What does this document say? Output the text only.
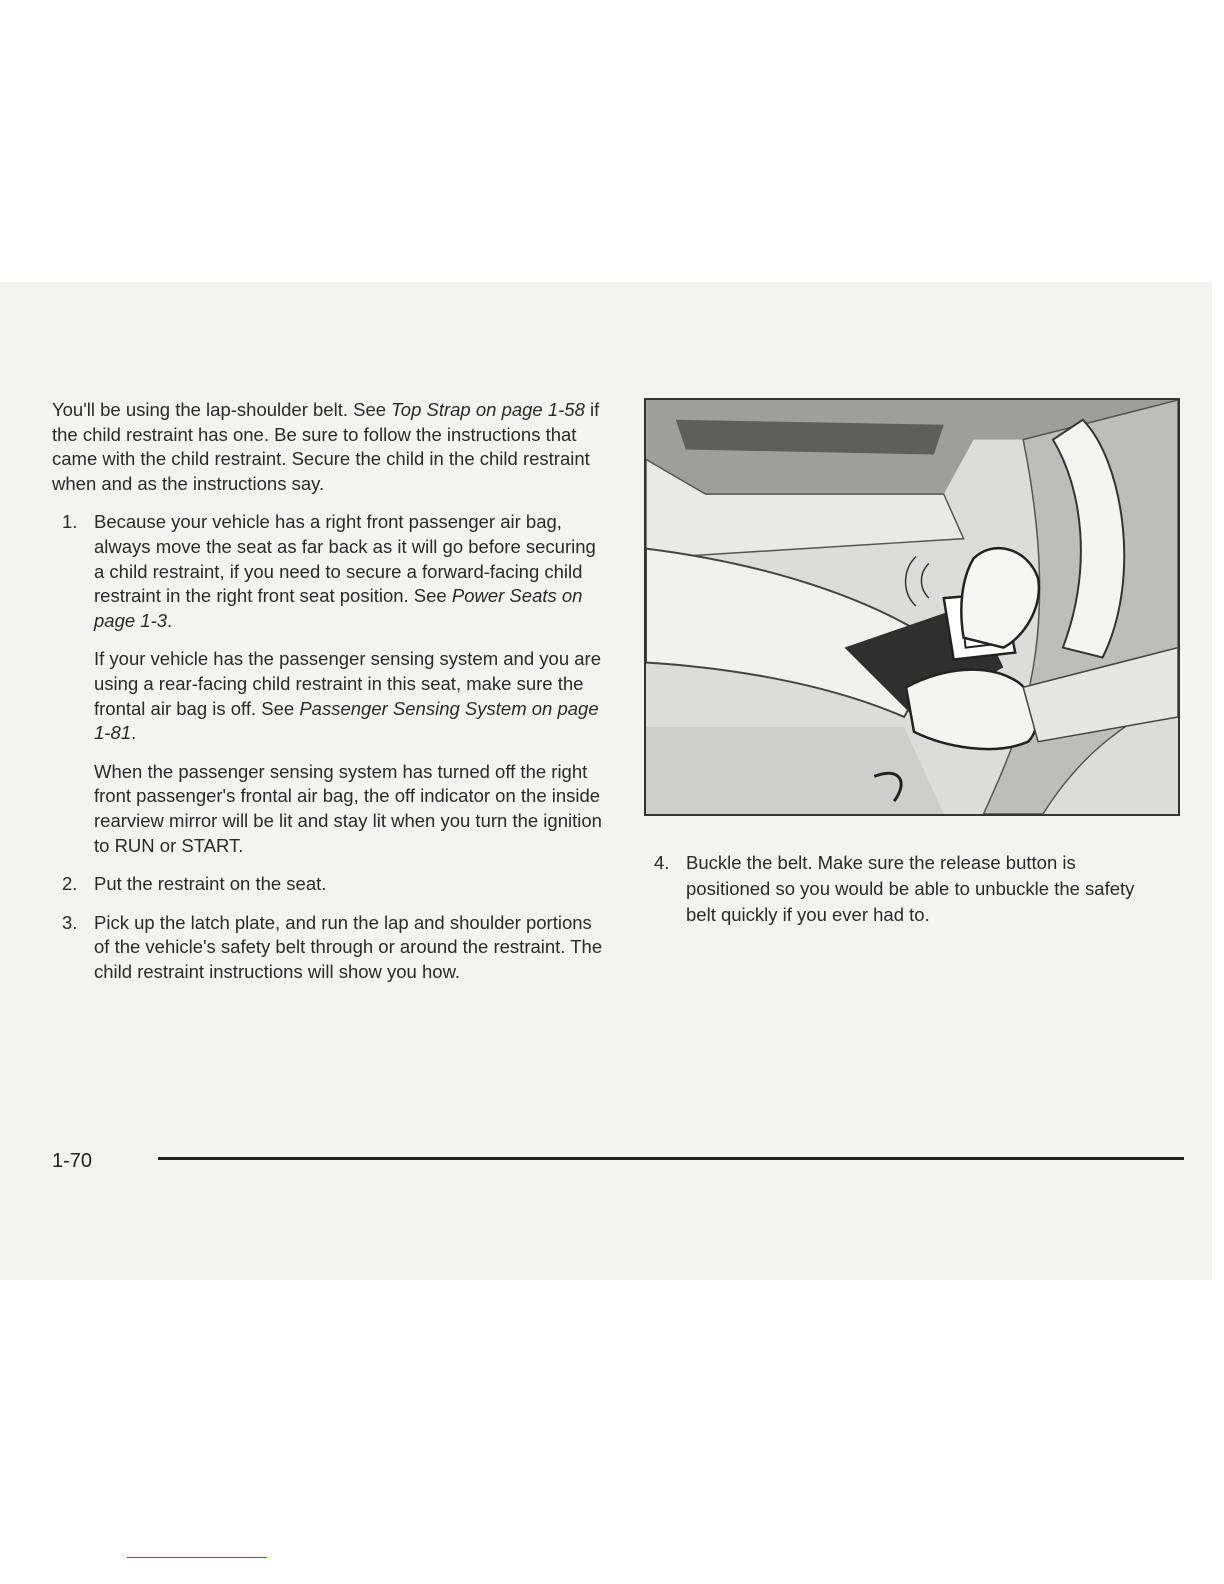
You'll be using the lap-shoulder belt. See Top Strap on page 1-58 if the child restraint has one. Be sure to follow the instructions that came with the child restraint. Secure the child in the child restraint when and as the instructions say.

1. Because your vehicle has a right front passenger air bag, always move the seat as far back as it will go before securing a child restraint, if you need to secure a forward-facing child restraint in the right front seat position. See Power Seats on page 1-3.

If your vehicle has the passenger sensing system and you are using a rear-facing child restraint in this seat, make sure the frontal air bag is off. See Passenger Sensing System on page 1-81.

When the passenger sensing system has turned off the right front passenger's frontal air bag, the off indicator on the inside rearview mirror will be lit and stay lit when you turn the ignition to RUN or START.

2. Put the restraint on the seat.

3. Pick up the latch plate, and run the lap and shoulder portions of the vehicle's safety belt through or around the restraint. The child restraint instructions will show you how.

4. Buckle the belt. Make sure the release button is positioned so you would be able to unbuckle the safety belt quickly if you ever had to.

1-70
